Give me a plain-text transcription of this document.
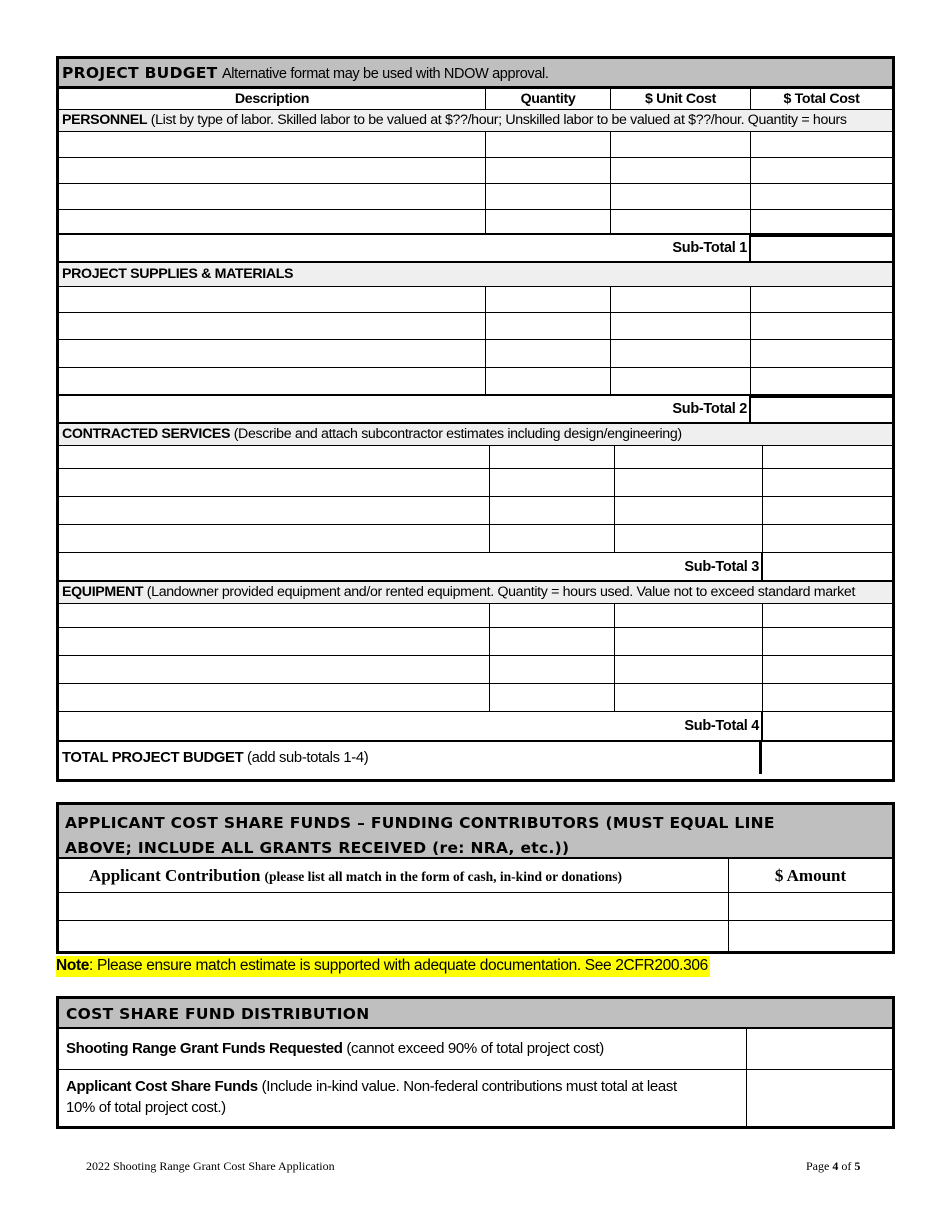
PROJECT BUDGET Alternative format may be used with NDOW approval.
Description	Quantity	$ Unit Cost	$ Total Cost
PERSONNEL (List by type of labor. Skilled labor to be valued at $??/hour; Unskilled labor to be valued at $??/hour. Quantity = hours
Sub-Total 1
PROJECT SUPPLIES & MATERIALS
Sub-Total 2
CONTRACTED SERVICES (Describe and attach subcontractor estimates including design/engineering)
Sub-Total 3
EQUIPMENT (Landowner provided equipment and/or rented equipment. Quantity = hours used. Value not to exceed standard market
Sub-Total 4
TOTAL PROJECT BUDGET (add sub-totals 1-4)
APPLICANT COST SHARE FUNDS – FUNDING CONTRIBUTORS (MUST EQUAL LINE
ABOVE; INCLUDE ALL GRANTS RECEIVED (re: NRA, etc.))
Applicant Contribution (please list all match in the form of cash, in-kind or donations)	$ Amount
Note: Please ensure match estimate is supported with adequate documentation. See 2CFR200.306
COST SHARE FUND DISTRIBUTION
Shooting Range Grant Funds Requested (cannot exceed 90% of total project cost)
Applicant Cost Share Funds (Include in-kind value. Non-federal contributions must total at least
10% of total project cost.)
2022 Shooting Range Grant Cost Share Application	Page 4 of 5
